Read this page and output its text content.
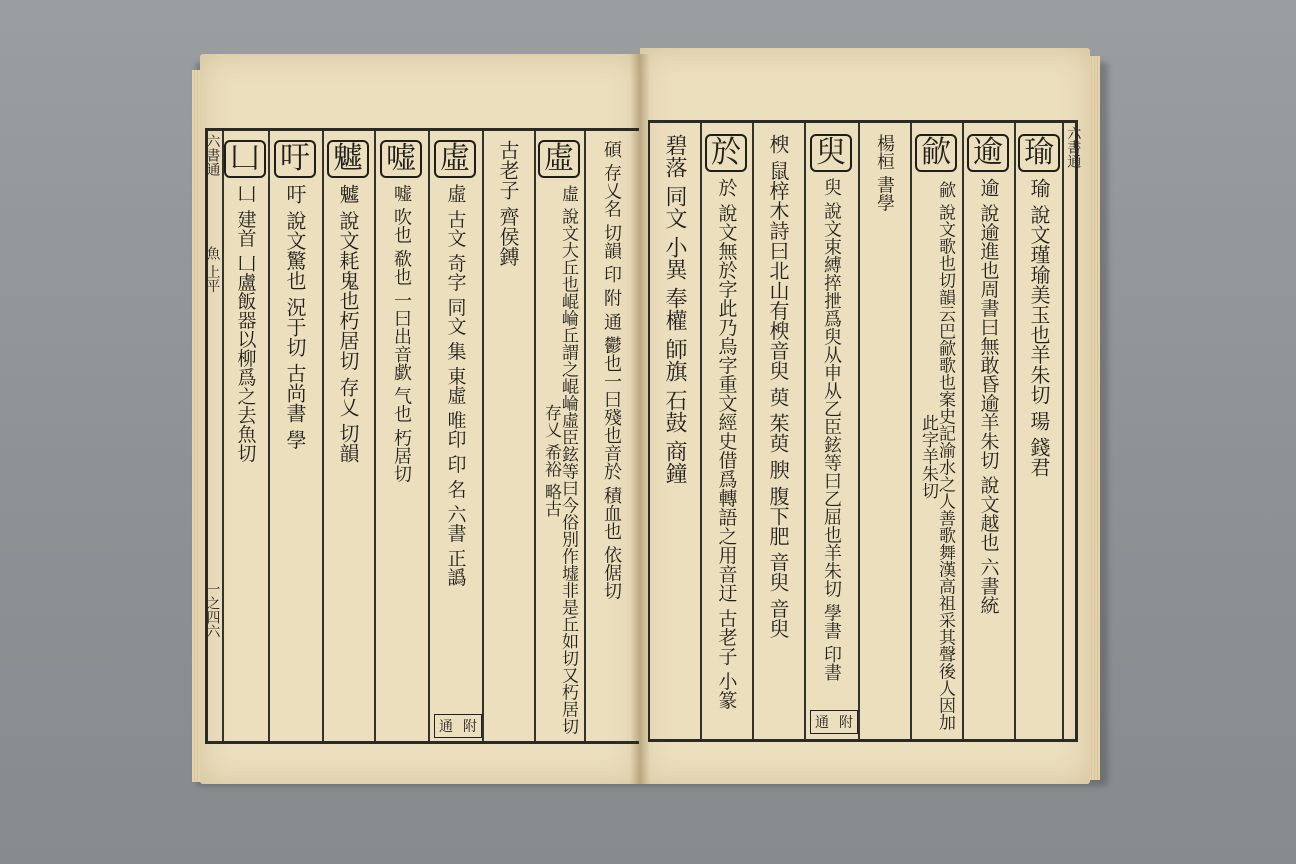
六書通
魚 上平
一之四六
六書通
瑜
瑜 說文瑾瑜美玉也羊朱切 瑒 錢君
逾
逾 說逾進也周書曰無敢昏逾羊朱切 說文越也 六書統
歈
歈 說文歌也切韻云巴歈歌也案史記渝水之人善歌舞漢高祖采其聲後人因加此字羊朱切
楊桓 書學
臾
臾 說文束縛捽抴爲臾从申从乙臣鉉等曰乙屈也羊朱切 學書 印書
楰 鼠梓木詩曰北山有楰音臾 萸 茱萸 腴 腹下肥 音臾 音臾
於
於 說文無於字此乃烏字重文經史借爲轉語之用音迂 古老子 小篆
碧落 同文 小異 奉權 師旗 石鼓 商鐘
通 附
碩 存乂名 切韻 印 附 通 鬱也一曰殘也音於 積血也 依倨切
虛
虛 說文大丘也崐崘丘謂之崐崘虛臣鉉等曰今俗別作墟非是丘如切又朽居切 存乂 希裕 略古
古老子 齊侯鎛
虛
虛 古文 奇字 同文 集 東虛 唯印 印 名 六書 正譌
嘘
嘘 吹也 欷也 一曰出音歔 气也 朽居切
魖
魖 說文耗鬼也朽居切 存乂 切韻
吁
吁 說文驚也 況于切 古尚書 學
凵
凵 建首 凵盧飯器以柳爲之去魚切
通 附
